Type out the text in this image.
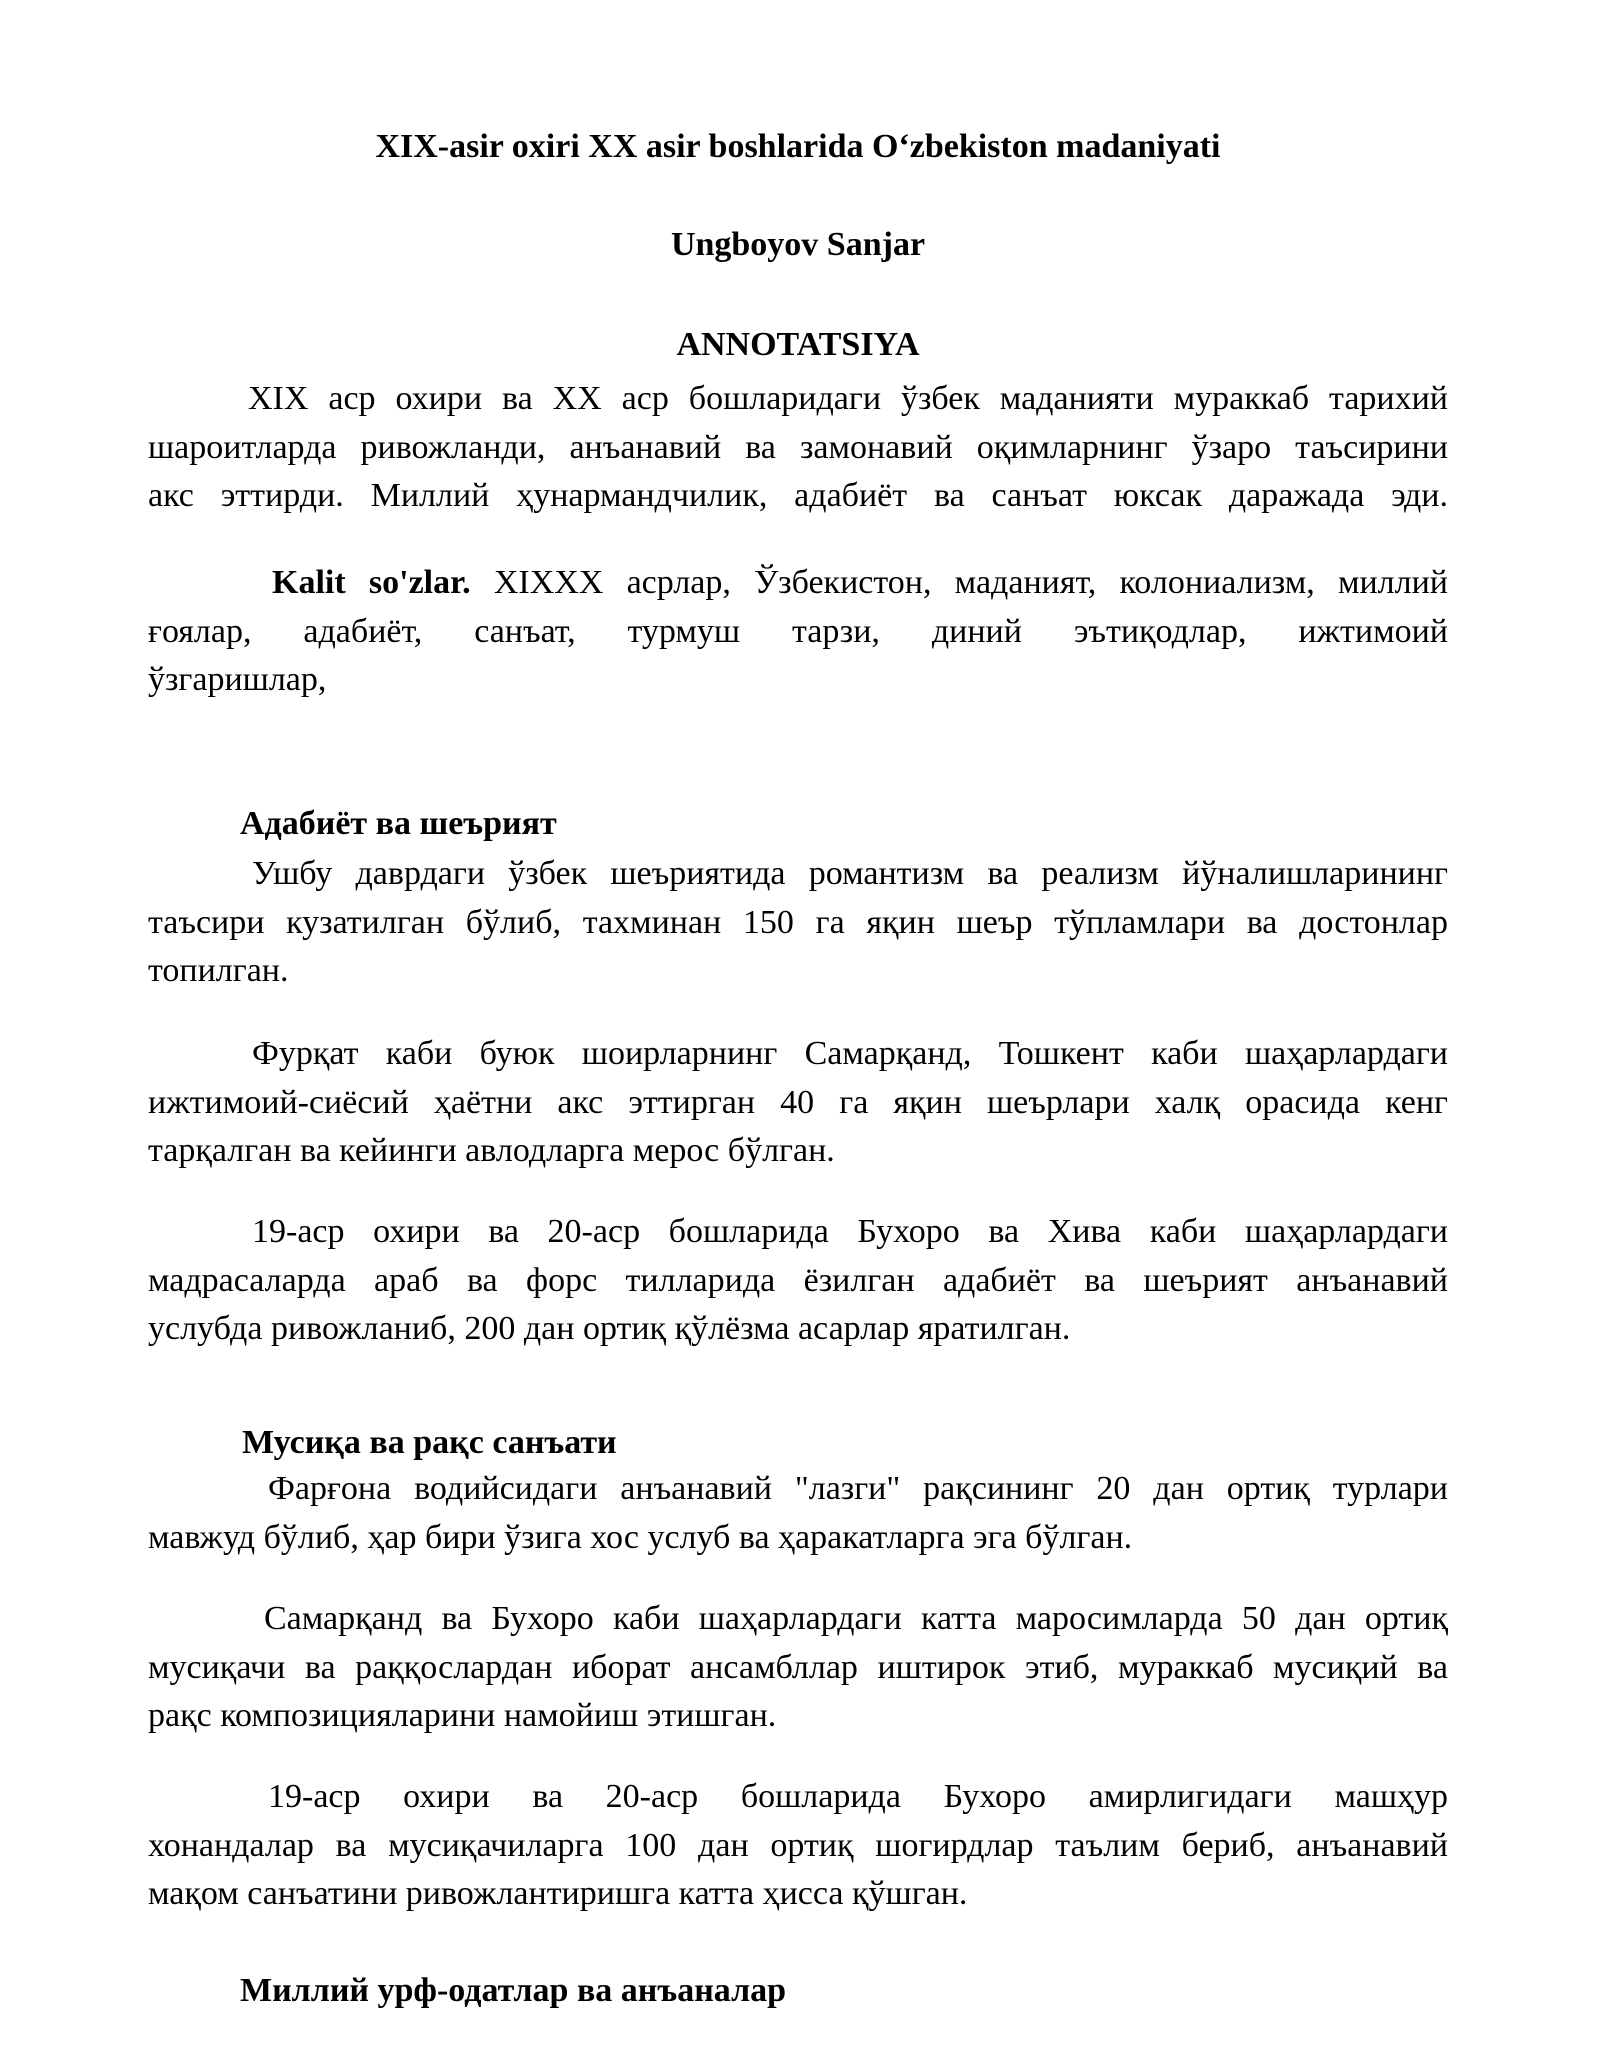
XIX-asir oxiri XX asir boshlarida O‘zbekiston madaniyati
Ungboyov Sanjar
ANNOTATSIYA
XIX аср охири ва XX аср бошларидаги ўзбек маданияти мураккаб тарихий
шароитларда ривожланди, анъанавий ва замонавий оқимларнинг ўзаро таъсирини
акс эттирди. Миллий ҳунармандчилик, адабиёт ва санъат юксак даражада эди.
Kalit so'zlar. XIXXX асрлар, Ўзбекистон, маданият, колониализм, миллий
ғоялар, адабиёт, санъат, турмуш тарзи, диний эътиқодлар, ижтимоий
ўзгаришлар,
Адабиёт ва шеърият
Ушбу даврдаги ўзбек шеъриятида романтизм ва реализм йўналишларининг
таъсири кузатилган бўлиб, тахминан 150 га яқин шеър тўпламлари ва достонлар
топилган.
Фурқат каби буюк шоирларнинг Самарқанд, Тошкент каби шаҳарлардаги
ижтимоий-сиёсий ҳаётни акс эттирган 40 га яқин шеърлари халқ орасида кенг
тарқалган ва кейинги авлодларга мерос бўлган.
19-аср охири ва 20-аср бошларида Бухоро ва Хива каби шаҳарлардаги
мадрасаларда араб ва форс тилларида ёзилган адабиёт ва шеърият анъанавий
услубда ривожланиб, 200 дан ортиқ қўлёзма асарлар яратилган.
Мусиқа ва рақс санъати
Фарғона водийсидаги анъанавий "лазги" рақсининг 20 дан ортиқ турлари
мавжуд бўлиб, ҳар бири ўзига хос услуб ва ҳаракатларга эга бўлган.
Самарқанд ва Бухоро каби шаҳарлардаги катта маросимларда 50 дан ортиқ
мусиқачи ва раққослардан иборат ансамбллар иштирок этиб, мураккаб мусиқий ва
рақс композицияларини намойиш этишган.
19-аср охири ва 20-аср бошларида Бухоро амирлигидаги машҳур
хонандалар ва мусиқачиларга 100 дан ортиқ шогирдлар таълим бериб, анъанавий
мақом санъатини ривожлантиришга катта ҳисса қўшган.
Миллий урф-одатлар ва анъаналар
